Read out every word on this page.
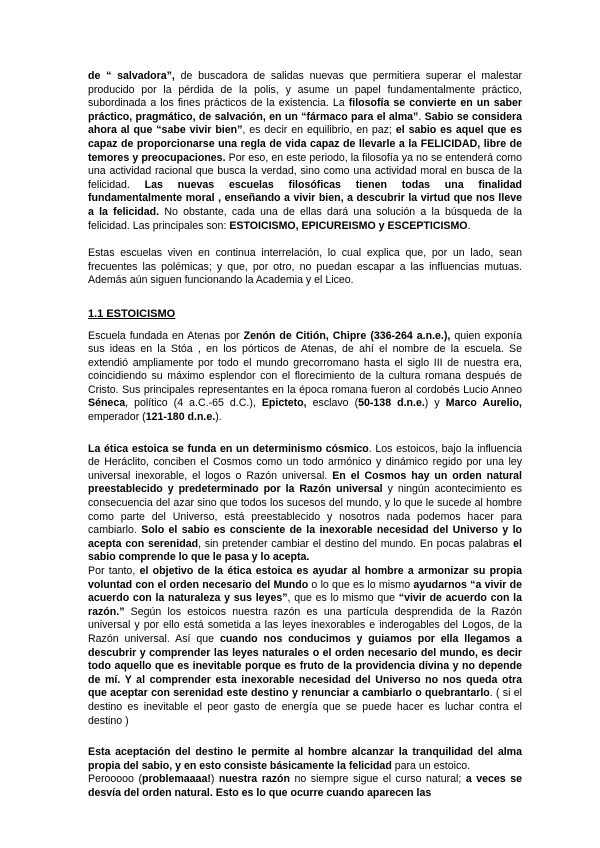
de “ salvadora”, de buscadora de salidas nuevas que permitiera superar el malestar producido por la pérdida de la polis, y asume un papel fundamentalmente práctico, subordinada a los fines prácticos de la existencia. La filosofía se convierte en un saber práctico, pragmático, de salvación, en un “fármaco para el alma”. Sabio se considera ahora al que “sabe vivir bien”, es decir en equilibrio, en paz; el sabio es aquel que es capaz de proporcionarse una regla de vida capaz de llevarle a la FELICIDAD, libre de temores y preocupaciones. Por eso, en este periodo, la filosofía ya no se entenderá como una actividad racional que busca la verdad, sino como una actividad moral en busca de la felicidad. Las nuevas escuelas filosóficas tienen todas una finalidad fundamentalmente moral , enseñando a vivir bien, a descubrir la virtud que nos lleve a la felicidad. No obstante, cada una de ellas dará una solución a la búsqueda de la felicidad. Las principales son: ESTOICISMO, EPICUREISMO y ESCEPTICISMO.

Estas escuelas viven en continua interrelación, lo cual explica que, por un lado, sean frecuentes las polémicas; y que, por otro, no puedan escapar a las influencias mutuas. Además aún siguen funcionando la Academia y el Liceo.

1.1 ESTOICISMO

Escuela fundada en Atenas por Zenón de Citión, Chipre (336-264 a.n.e.), quien exponía sus ideas en la Stóa , en los pórticos de Atenas, de ahí el nombre de la escuela. Se extendió ampliamente por todo el mundo grecorromano hasta el siglo III de nuestra era, coincidiendo su máximo esplendor con el florecimiento de la cultura romana después de Cristo. Sus principales representantes en la época romana fueron al cordobés Lucio Anneo Séneca, político (4 a.C.-65 d.C.), Epicteto, esclavo (50-138 d.n.e.) y Marco Aurelio, emperador (121-180 d.n.e.).

La ética estoica se funda en un determinismo cósmico. Los estoicos, bajo la influencia de Heráclito, conciben el Cosmos como un todo armónico y dinámico regido por una ley universal inexorable, el logos o Razón universal. En el Cosmos hay un orden natural preestablecido y predeterminado por la Razón universal y ningún acontecimiento es consecuencia del azar sino que todos los sucesos del mundo, y lo que le sucede al hombre como parte del Universo, está preestablecido y nosotros nada podemos hacer para cambiarlo. Solo el sabio es consciente de la inexorable necesidad del Universo y lo acepta con serenidad, sin pretender cambiar el destino del mundo. En pocas palabras el sabio comprende lo que le pasa y lo acepta.

Por tanto, el objetivo de la ética estoica es ayudar al hombre a armonizar su propia voluntad con el orden necesario del Mundo o lo que es lo mismo ayudarnos “a vivir de acuerdo con la naturaleza y sus leyes”, que es lo mismo que “vivir de acuerdo con la razón.” Según los estoicos nuestra razón es una partícula desprendida de la Razón universal y por ello está sometida a las leyes inexorables e inderogables del Logos, de la Razón universal. Así que cuando nos conducimos y guiamos por ella llegamos a descubrir y comprender las leyes naturales o el orden necesario del mundo, es decir todo aquello que es inevitable porque es fruto de la providencia divina y no depende de mí. Y al comprender esta inexorable necesidad del Universo no nos queda otra que aceptar con serenidad este destino y renunciar a cambiarlo o quebrantarlo. ( si el destino es inevitable el peor gasto de energía que se puede hacer es luchar contra el destino )

Esta aceptación del destino le permite al hombre alcanzar la tranquilidad del alma propia del sabio, y en esto consiste básicamente la felicidad para un estoico.

Perooooo (problemaaaa!) nuestra razón no siempre sigue el curso natural; a veces se desvía del orden natural. Esto es lo que ocurre cuando aparecen las
